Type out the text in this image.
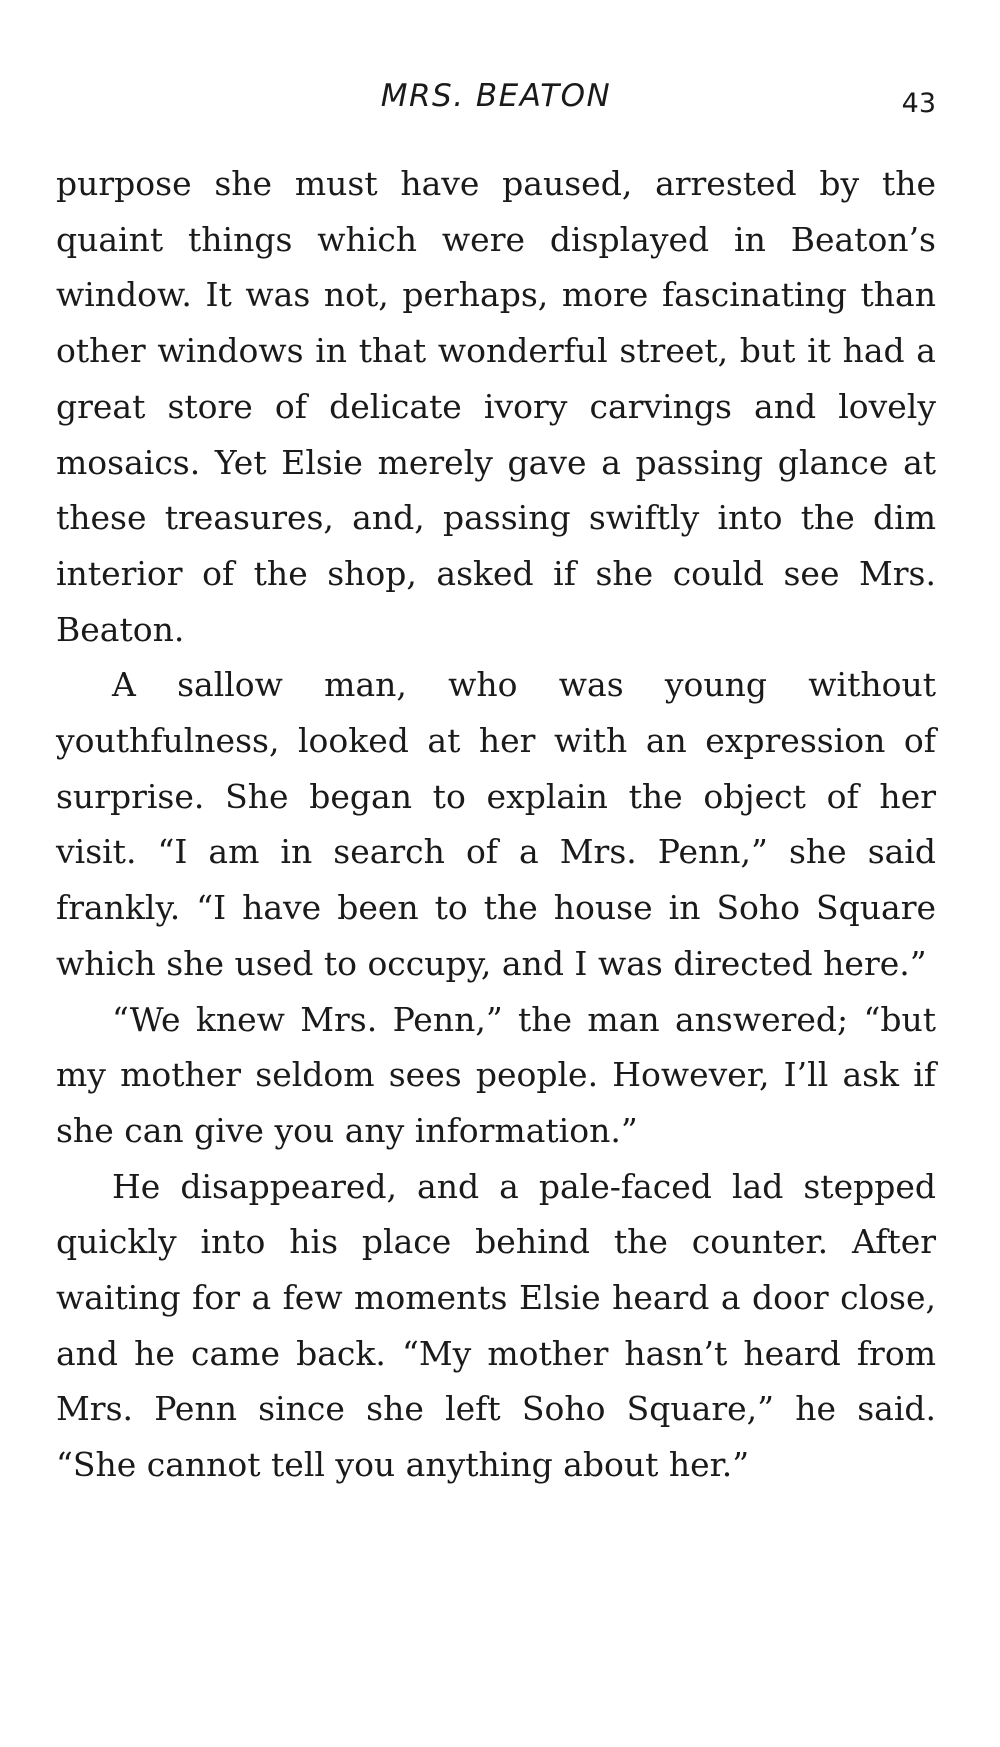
MRS. BEATON	43

purpose she must have paused, arrested by the quaint things which were displayed in Beaton’s window. It was not, perhaps, more fascinating than other windows in that wonderful street, but it had a great store of delicate ivory carvings and lovely mosaics. Yet Elsie merely gave a passing glance at these treasures, and, passing swiftly into the dim interior of the shop, asked if she could see Mrs. Beaton.

A sallow man, who was young without youthfulness, looked at her with an expression of surprise. She began to explain the object of her visit. “I am in search of a Mrs. Penn,” she said frankly. “I have been to the house in Soho Square which she used to occupy, and I was directed here.”

“We knew Mrs. Penn,” the man answered; “but my mother seldom sees people. However, I’ll ask if she can give you any information.”

He disappeared, and a pale-faced lad stepped quickly into his place behind the counter. After waiting for a few moments Elsie heard a door close, and he came back. “My mother hasn’t heard from Mrs. Penn since she left Soho Square,” he said. “She cannot tell you anything about her.”
